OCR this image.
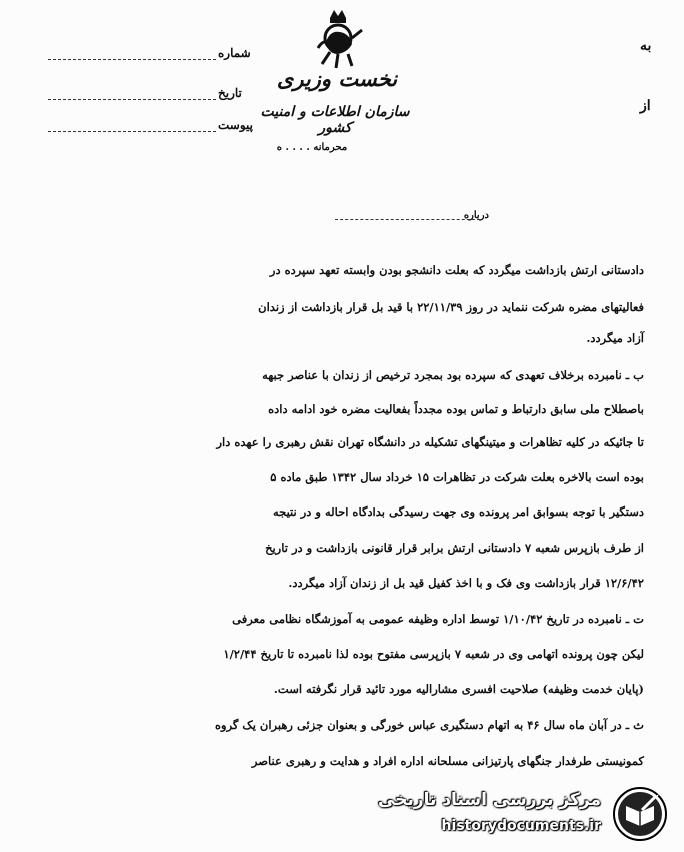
شماره
تاریخ
پیوست
نخست وزیری
سازمان اطلاعات و امنیت کشور
محرمانه . . . . ه
به
از
درباره
دادستانی ارتش بازداشت میگردد که بعلت دانشجو بودن وابسته تعهد سپرده در
فعالیتهای مضره شرکت ننماید در روز ۲۲/۱۱/۳۹ با قید بل قرار بازداشت از زندان
آزاد میگردد.
ب ـ نامبرده برخلاف تعهدی که سپرده بود بمجرد ترخیص از زندان با عناصر جبهه
باصطلاح ملی سابق دارتباط و تماس بوده مجدداً بفعالیت مضره خود ادامه داده
تا جائیکه در کلیه تظاهرات و میتینگهای تشکیله در دانشگاه تهران نقش رهبری را عهده دار
بوده است بالاخره بعلت شرکت در تظاهرات ۱۵ خرداد سال ۱۳۴۲ طبق ماده ۵
دستگیر با توجه بسوابق امر پرونده وی جهت رسیدگی بدادگاه احاله و در نتیجه
از طرف بازپرس شعبه ۷ دادستانی ارتش برابر قرار قانونی بازداشت و در تاریخ
۱۲/۶/۴۲ قرار بازداشت وی فک و با اخذ کفیل قید بل از زندان آزاد میگردد.
ت ـ نامبرده در تاریخ ۱/۱۰/۴۲ توسط اداره وظیفه عمومی به آموزشگاه نظامی معرفی
لیکن چون پرونده اتهامی وی در شعبه ۷ بازپرسی مفتوح بوده لذا نامبرده تا تاریخ ۱/۲/۴۴
(پایان خدمت وظیفه) صلاحیت افسری مشارالیه مورد تائید قرار نگرفته است.
ث ـ در آبان ماه سال ۴۶ به اتهام دستگیری عباس خورگی و بعنوان جزئی رهبران یک گروه
کمونیستی طرفدار جنگهای پارتیزانی مسلحانه اداره افراد و هدایت و رهبری عناصر
مرکز بررسی اسناد تاریخی
historydocuments.ir
